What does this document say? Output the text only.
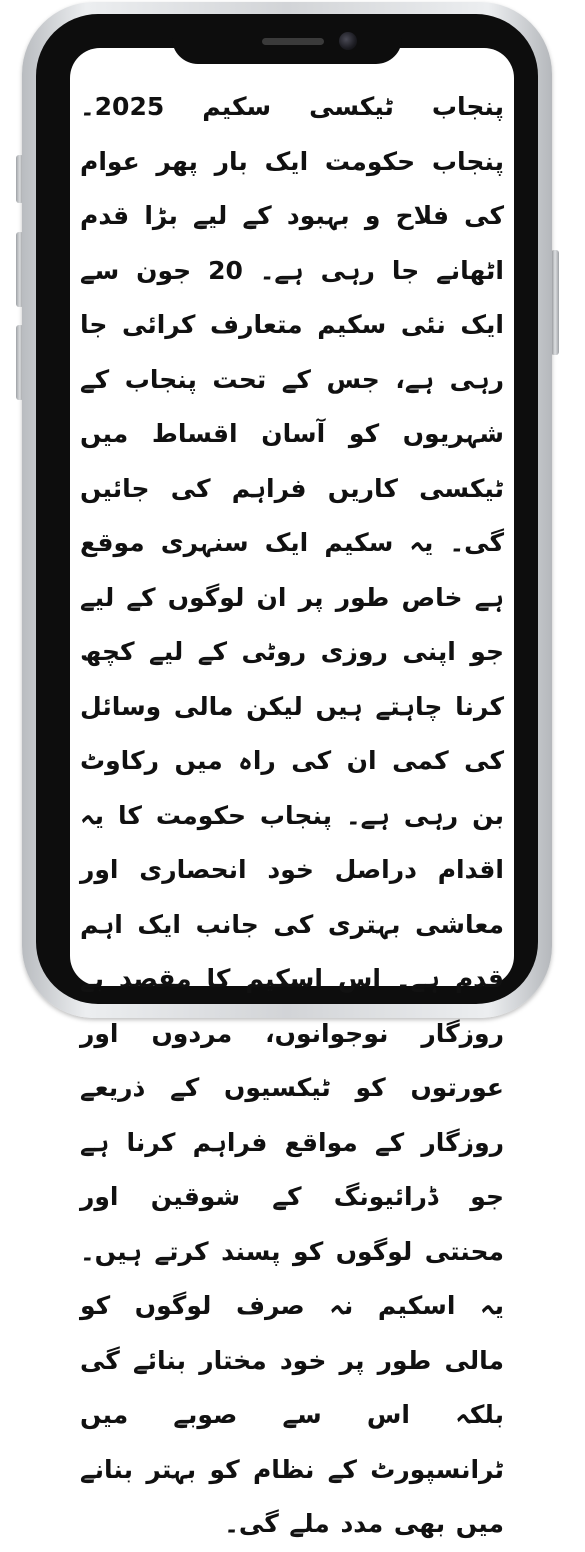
پنجاب ٹیکسی سکیم 2025۔ پنجاب حکومت ایک بار پھر عوام کی فلاح و بہبود کے لیے بڑا قدم اٹھانے جا رہی ہے۔ 20 جون سے ایک نئی سکیم متعارف کرائی جا رہی ہے، جس کے تحت پنجاب کے شہریوں کو آسان اقساط میں ٹیکسی کاریں فراہم کی جائیں گی۔ یہ سکیم ایک سنہری موقع ہے خاص طور پر ان لوگوں کے لیے جو اپنی روزی روٹی کے لیے کچھ کرنا چاہتے ہیں لیکن مالی وسائل کی کمی ان کی راہ میں رکاوٹ بن رہی ہے۔ پنجاب حکومت کا یہ اقدام دراصل خود انحصاری اور معاشی بہتری کی جانب ایک اہم قدم ہے۔ اس اسکیم کا مقصد بے روزگار نوجوانوں، مردوں اور عورتوں کو ٹیکسیوں کے ذریعے روزگار کے مواقع فراہم کرنا ہے جو ڈرائیونگ کے شوقین اور محنتی لوگوں کو پسند کرتے ہیں۔ یہ اسکیم نہ صرف لوگوں کو مالی طور پر خود مختار بنائے گی بلکہ اس سے صوبے میں ٹرانسپورٹ کے نظام کو بہتر بنانے میں بھی مدد ملے گی۔
